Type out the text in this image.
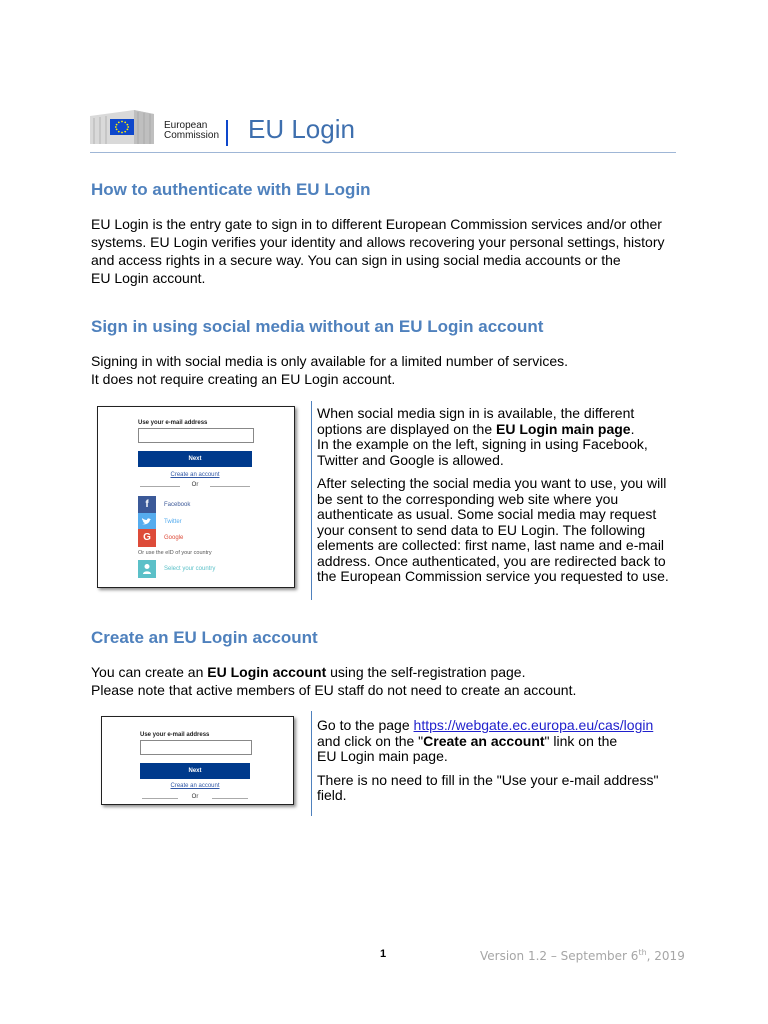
European
Commission EU Login
How to authenticate with EU Login
EU Login is the entry gate to sign in to different European Commission services and/or other
systems. EU Login verifies your identity and allows recovering your personal settings, history
and access rights in a secure way. You can sign in using social media accounts or the
EU Login account.
Sign in using social media without an EU Login account
Signing in with social media is only available for a limited number of services.
It does not require creating an EU Login account.
Use your e-mail address
Next
Create an account
Or
f	Facebook
Twitter
G	Google
Or use the eID of your country
Select your country

When social media sign in is available, the different options are displayed on the EU Login main page.
In the example on the left, signing in using Facebook, Twitter and Google is allowed.

After selecting the social media you want to use, you will be sent to the corresponding web site where you authenticate as usual. Some social media may request your consent to send data to EU Login. The following elements are collected: first name, last name and e-mail address. Once authenticated, you are redirected back to the European Commission service you requested to use.

Create an EU Login account
You can create an EU Login account using the self-registration page.
Please note that active members of EU staff do not need to create an account.
Use your e-mail address
Next
Create an account
Or

Go to the page https://webgate.ec.europa.eu/cas/login
and click on the "Create an account" link on the
EU Login main page.

There is no need to fill in the "Use your e-mail address" field.

1	Version 1.2 – September 6th, 2019
